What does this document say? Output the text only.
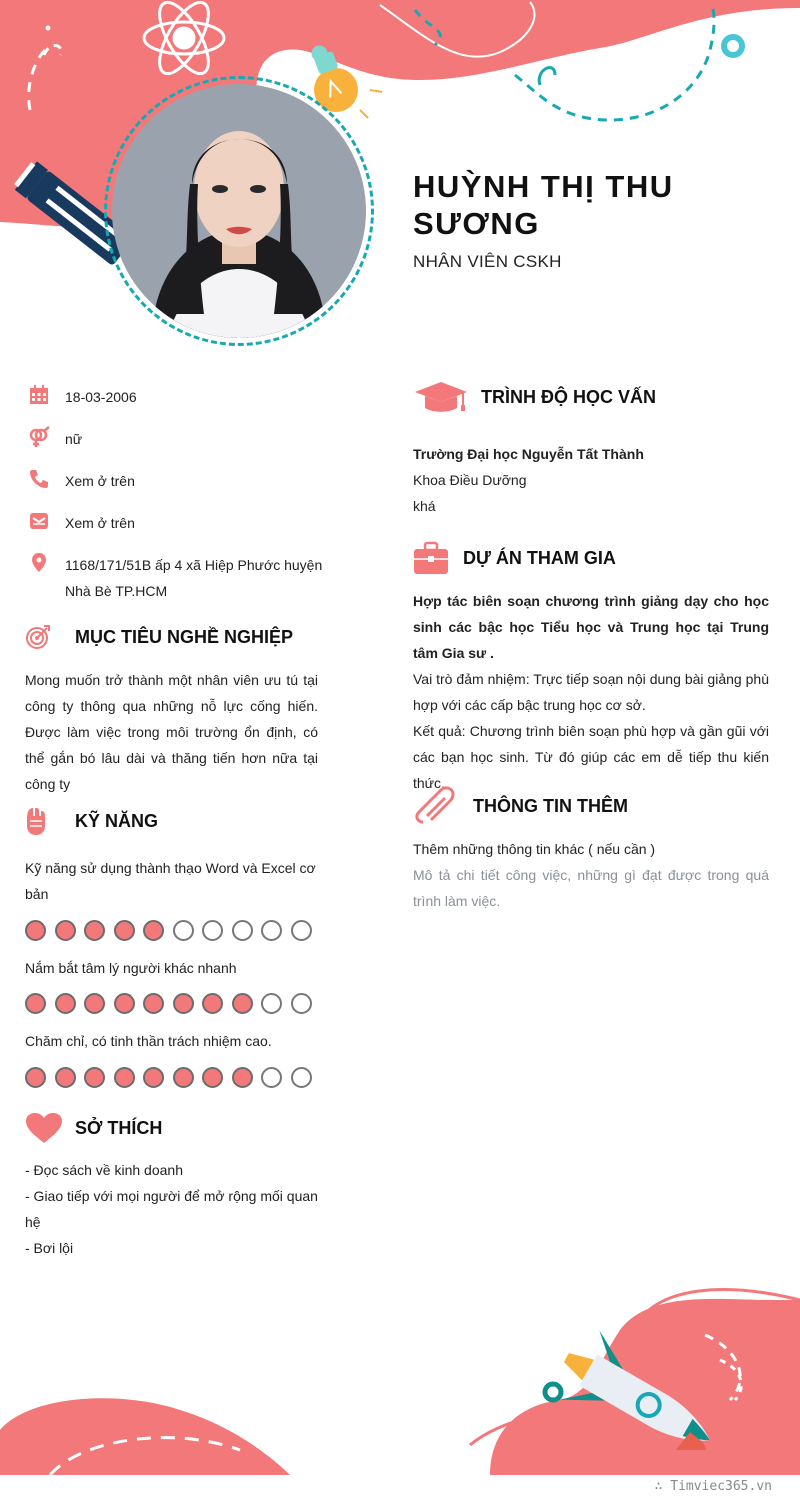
HUỲNH THỊ THU SƯƠNG
NHÂN VIÊN CSKH
18-03-2006
nữ
Xem ở trên
Xem ở trên
1168/171/51B ấp 4 xã Hiệp Phước huyện Nhà Bè TP.HCM
MỤC TIÊU NGHỀ NGHIỆP
Mong muốn trở thành một nhân viên ưu tú tại công ty thông qua những nỗ lực cống hiến. Được làm việc trong môi trường ổn định, có thể gắn bó lâu dài và thăng tiến hơn nữa tại công ty
KỸ NĂNG
Kỹ năng sử dụng thành thạo Word và Excel cơ bản
Nắm bắt tâm lý người khác nhanh
Chăm chỉ, có tinh thần trách nhiệm cao.
SỞ THÍCH
- Đọc sách về kinh doanh
- Giao tiếp với mọi người để mở rộng mối quan hệ
- Bơi lội
TRÌNH ĐỘ HỌC VẤN
Trường Đại học Nguyễn Tất Thành
Khoa Điều Dưỡng
khá
DỰ ÁN THAM GIA
Hợp tác biên soạn chương trình giảng dạy cho học sinh các bậc học Tiểu học và Trung học tại Trung tâm Gia sư .
Vai trò đảm nhiệm: Trực tiếp soạn nội dung bài giảng phù hợp với các cấp bậc trung học cơ sở.
Kết quả: Chương trình biên soạn phù hợp và gần gũi với các bạn học sinh. Từ đó giúp các em dễ tiếp thu kiến thức.
THÔNG TIN THÊM
Thêm những thông tin khác ( nếu cần )
Mô tả chi tiết công việc, những gì đạt được trong quá trình làm việc.
∴ Timviec365.vn
